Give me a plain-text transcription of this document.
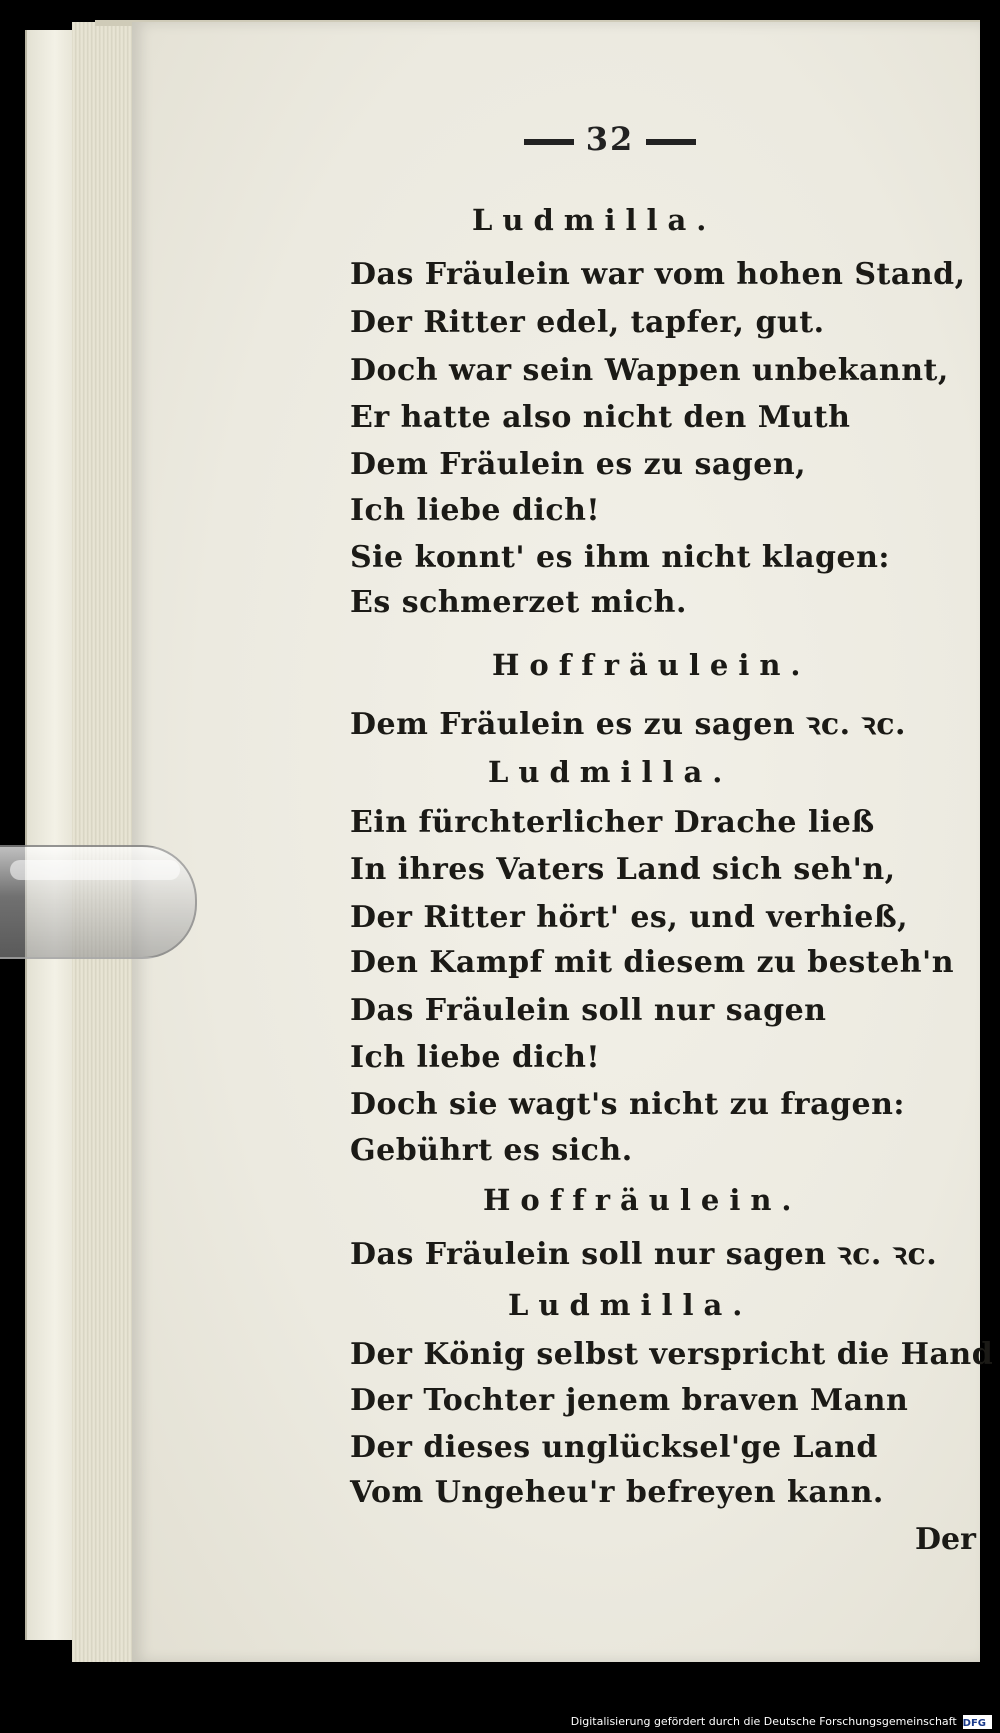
32
Ludmilla.
Das Fräulein war vom hohen Stand,
Der Ritter edel, tapfer, gut.
Doch war sein Wappen unbekannt,
Er hatte also nicht den Muth
Dem Fräulein es zu sagen,
Ich liebe dich!
Sie konnt' es ihm nicht klagen:
Es schmerzet mich.
Hoffräulein.
Dem Fräulein es zu sagen ꝛc. ꝛc.
Ludmilla.
Ein fürchterlicher Drache ließ
In ihres Vaters Land sich seh'n,
Der Ritter hört' es, und verhieß,
Den Kampf mit diesem zu besteh'n
Das Fräulein soll nur sagen
Ich liebe dich!
Doch sie wagt's nicht zu fragen:
Gebührt es sich.
Hoffräulein.
Das Fräulein soll nur sagen ꝛc. ꝛc.
Ludmilla.
Der König selbst verspricht die Hand
Der Tochter jenem braven Mann
Der dieses unglücksel'ge Land
Vom Ungeheu'r befreyen kann.
Der
Digitalisierung gefördert durch die Deutsche Forschungsgemeinschaft DFG
